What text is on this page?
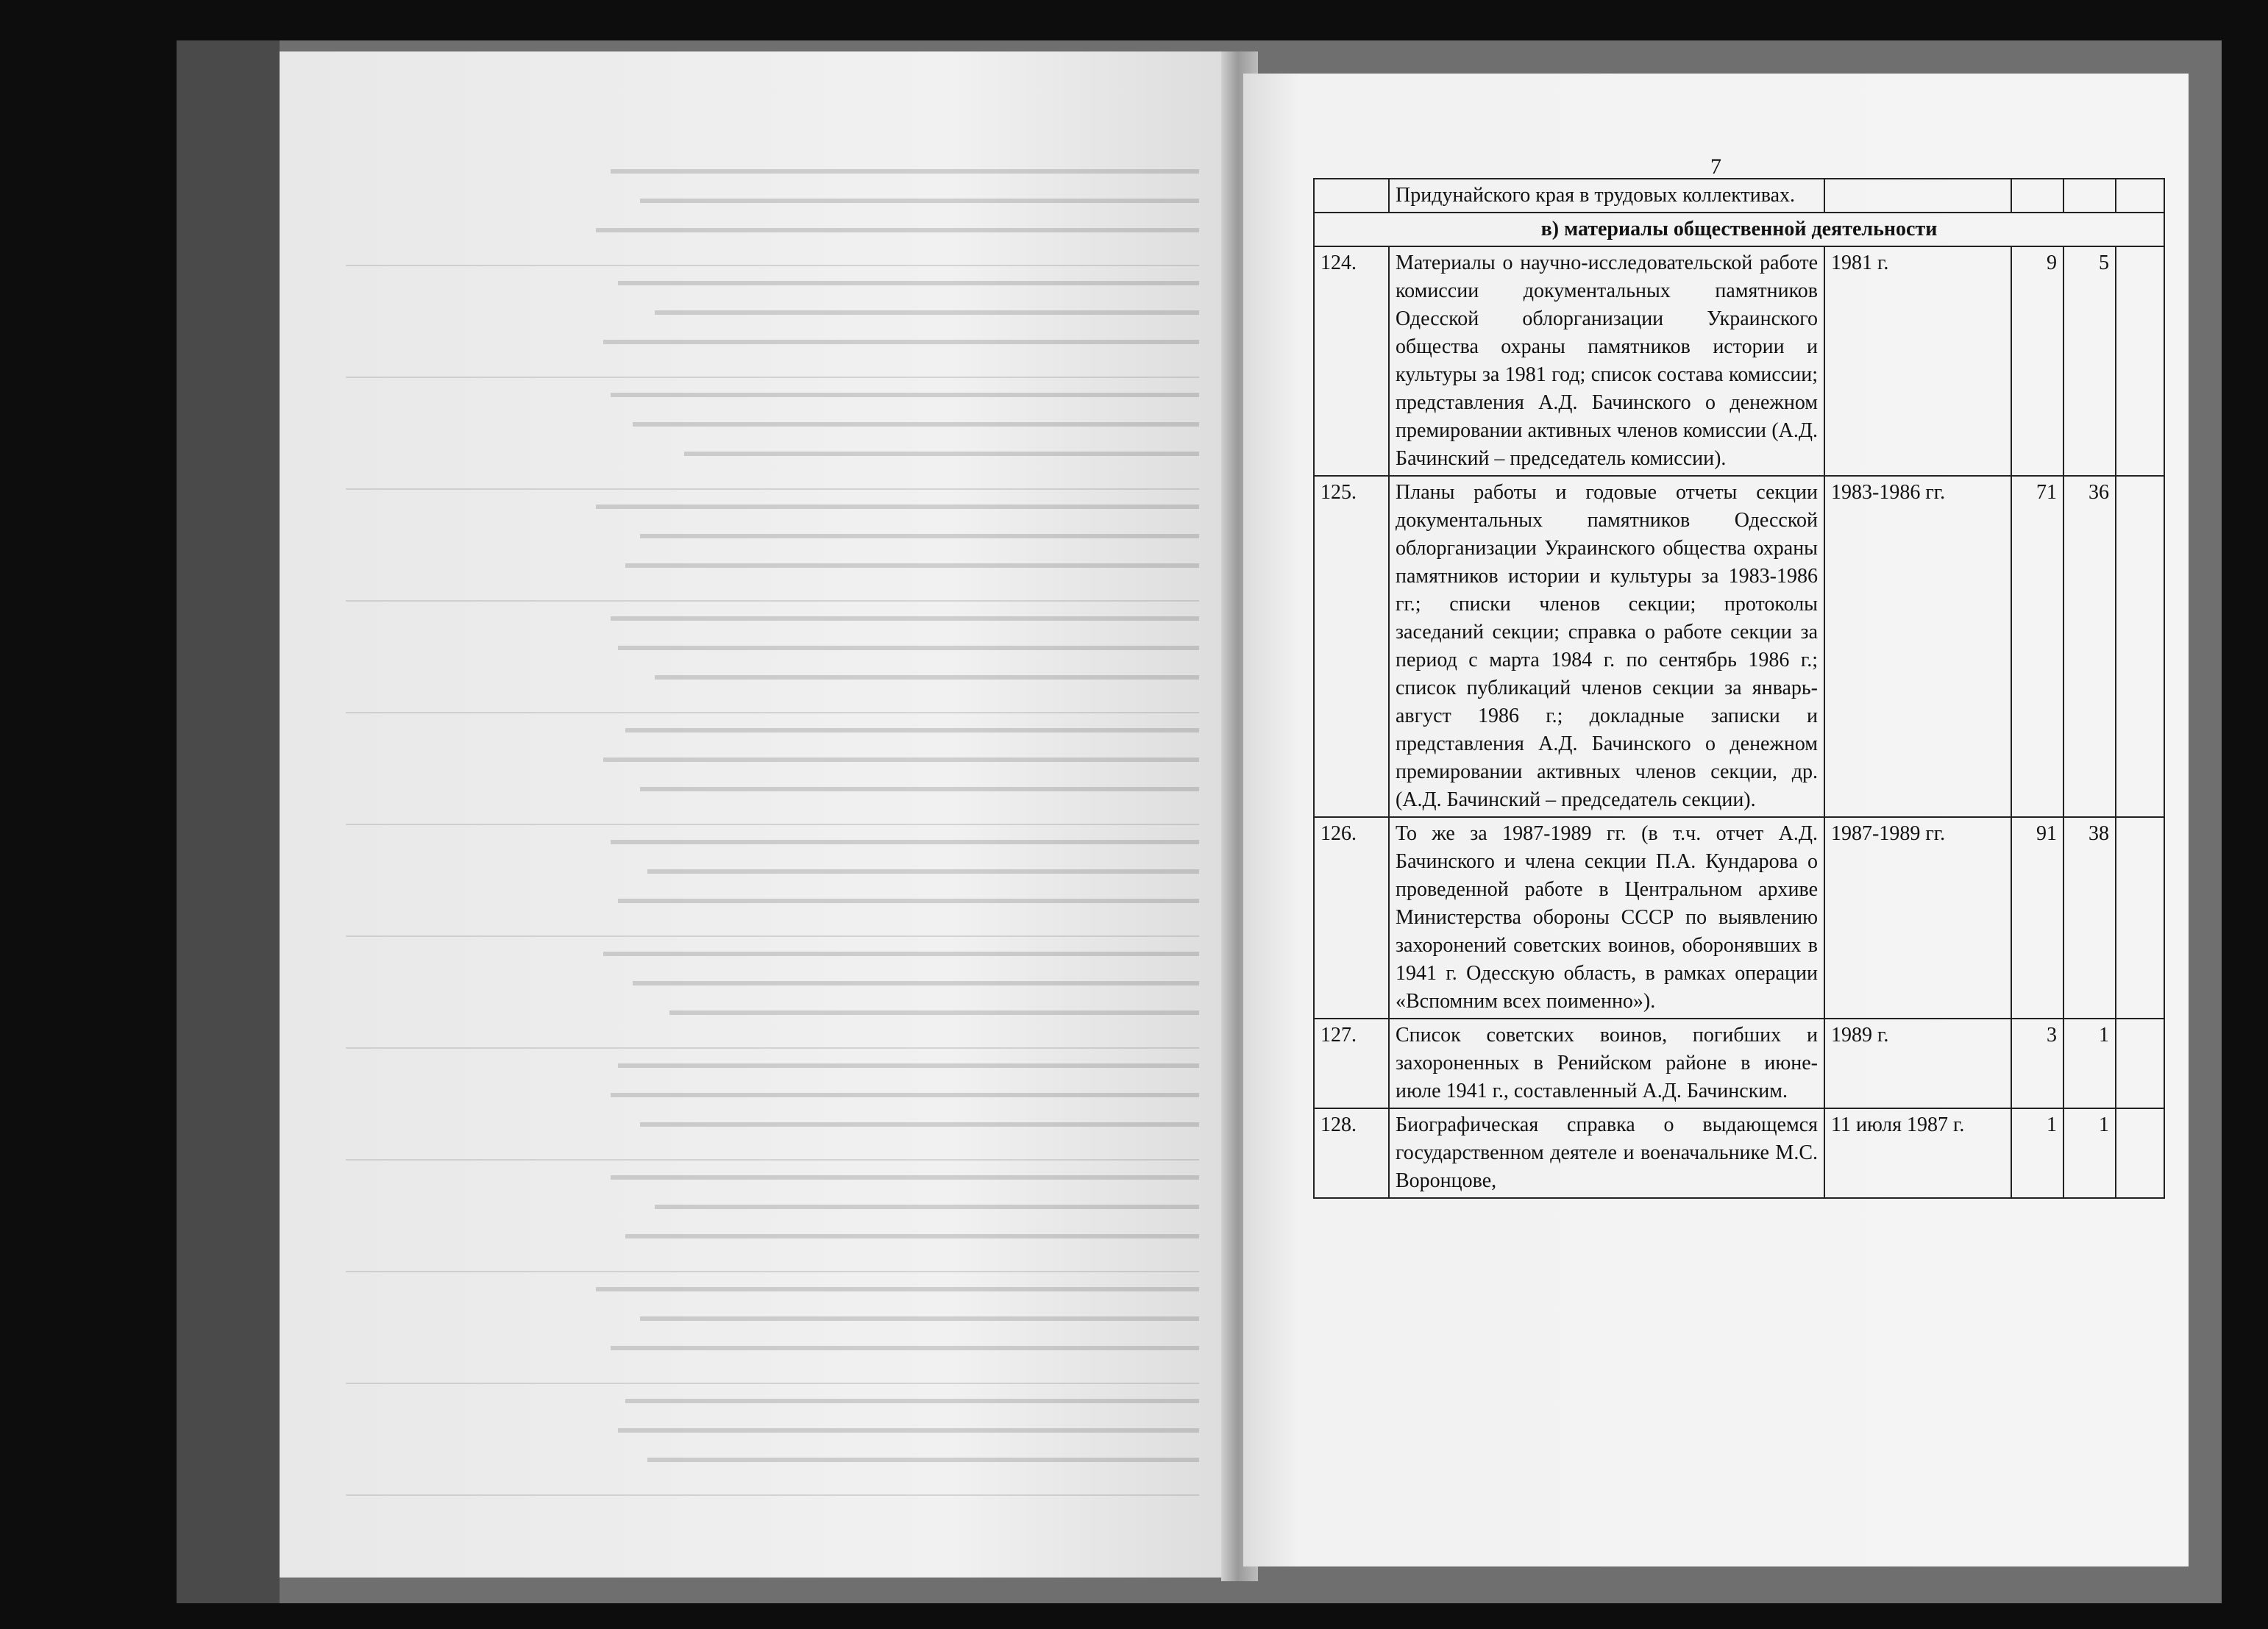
7
	Придунайского края в трудовых коллективах.				
в) материалы общественной деятельности					
124.	Материалы о научно-исследовательской работе комиссии документальных памятников Одесской облорганизации Украинского общества охраны памятников истории и культуры за 1981 год; список состава комиссии; представления А.Д. Бачинского о денежном премировании активных членов комиссии (А.Д. Бачинский – председатель комиссии).	1981 г.	9	5	
125.	Планы работы и годовые отчеты секции документальных памятников Одесской облорганизации Украинского общества охраны памятников истории и культуры за 1983-1986 гг.; списки членов секции; протоколы заседаний секции; справка о работе секции за период с марта 1984 г. по сентябрь 1986 г.; список публикаций членов секции за январь-август 1986 г.; докладные записки и представления А.Д. Бачинского о денежном премировании активных членов секции, др. (А.Д. Бачинский – председатель секции).	1983-1986 гг.	71	36	
126.	То же за 1987-1989 гг. (в т.ч. отчет А.Д. Бачинского и члена секции П.А. Кундарова о проведенной работе в Центральном архиве Министерства обороны СССР по выявлению захоронений советских воинов, оборонявших в 1941 г. Одесскую область, в рамках операции «Вспомним всех поименно»).	1987-1989 гг.	91	38	
127.	Список советских воинов, погибших и захороненных в Ренийском районе в июне-июле 1941 г., составленный А.Д. Бачинским.	1989 г.	3	1	
128.	Биографическая справка о выдающемся государственном деятеле и военачальнике М.С. Воронцове,	11 июля 1987 г.	1	1	
